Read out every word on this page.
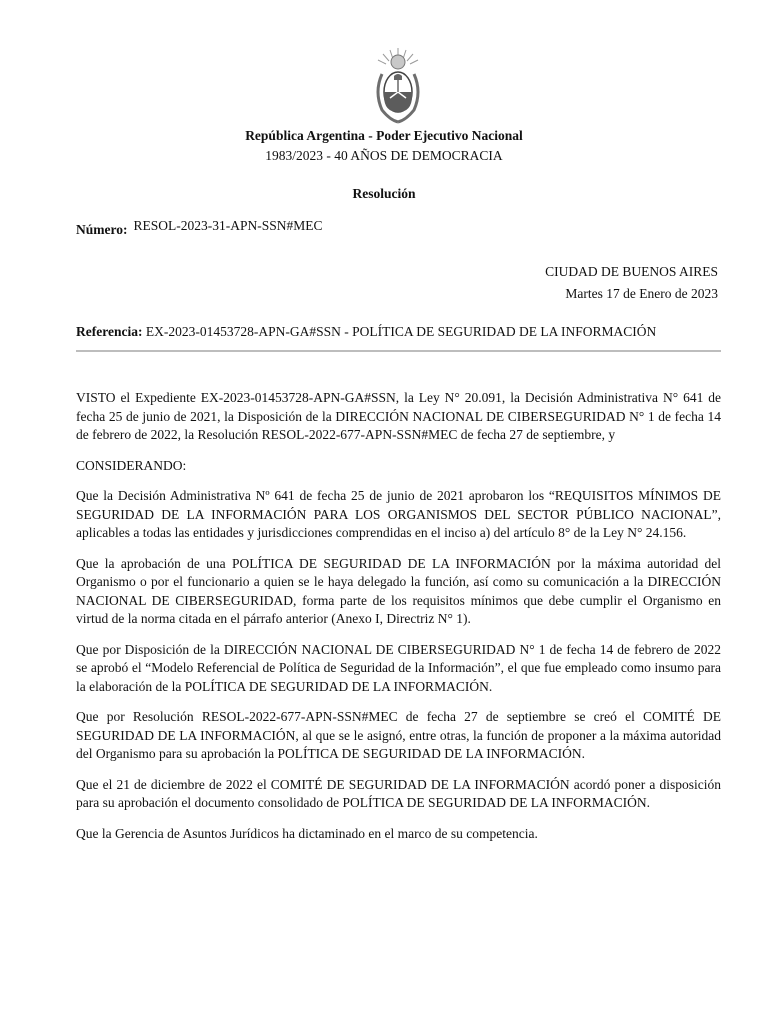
República Argentina - Poder Ejecutivo Nacional
1983/2023 - 40 AÑOS DE DEMOCRACIA
Resolución
Número: RESOL-2023-31-APN-SSN#MEC
CIUDAD DE BUENOS AIRES
Martes 17 de Enero de 2023
Referencia: EX-2023-01453728-APN-GA#SSN - POLÍTICA DE SEGURIDAD DE LA INFORMACIÓN

VISTO el Expediente EX-2023-01453728-APN-GA#SSN, la Ley N° 20.091, la Decisión Administrativa N° 641 de fecha 25 de junio de 2021, la Disposición de la DIRECCIÓN NACIONAL DE CIBERSEGURIDAD N° 1 de fecha 14 de febrero de 2022, la Resolución RESOL-2022-677-APN-SSN#MEC de fecha 27 de septiembre, y

CONSIDERANDO:

Que la Decisión Administrativa Nº 641 de fecha 25 de junio de 2021 aprobaron los “REQUISITOS MÍNIMOS DE SEGURIDAD DE LA INFORMACIÓN PARA LOS ORGANISMOS DEL SECTOR PÚBLICO NACIONAL”, aplicables a todas las entidades y jurisdicciones comprendidas en el inciso a) del artículo 8° de la Ley N° 24.156.

Que la aprobación de una POLÍTICA DE SEGURIDAD DE LA INFORMACIÓN por la máxima autoridad del Organismo o por el funcionario a quien se le haya delegado la función, así como su comunicación a la DIRECCIÓN NACIONAL DE CIBERSEGURIDAD, forma parte de los requisitos mínimos que debe cumplir el Organismo en virtud de la norma citada en el párrafo anterior (Anexo I, Directriz N° 1).

Que por Disposición de la DIRECCIÓN NACIONAL DE CIBERSEGURIDAD N° 1 de fecha 14 de febrero de 2022 se aprobó el “Modelo Referencial de Política de Seguridad de la Información”, el que fue empleado como insumo para la elaboración de la POLÍTICA DE SEGURIDAD DE LA INFORMACIÓN.

Que por Resolución RESOL-2022-677-APN-SSN#MEC de fecha 27 de septiembre se creó el COMITÉ DE SEGURIDAD DE LA INFORMACIÓN, al que se le asignó, entre otras, la función de proponer a la máxima autoridad del Organismo para su aprobación la POLÍTICA DE SEGURIDAD DE LA INFORMACIÓN.

Que el 21 de diciembre de 2022 el COMITÉ DE SEGURIDAD DE LA INFORMACIÓN acordó poner a disposición para su aprobación el documento consolidado de POLÍTICA DE SEGURIDAD DE LA INFORMACIÓN.

Que la Gerencia de Asuntos Jurídicos ha dictaminado en el marco de su competencia.
